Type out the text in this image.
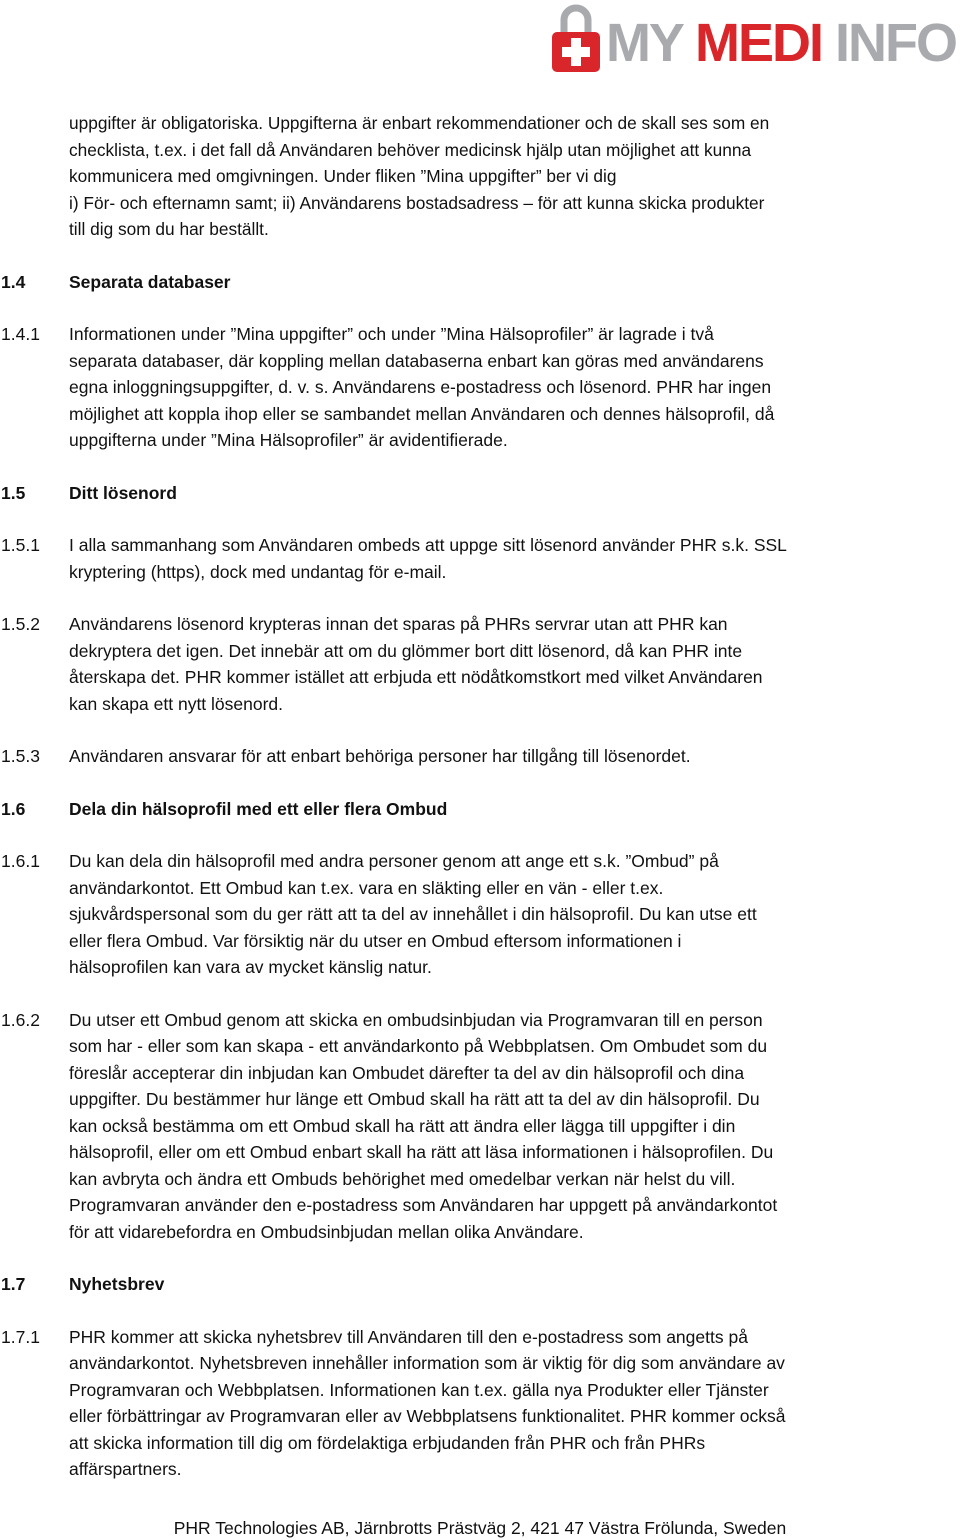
MY MEDI INFO
uppgifter är obligatoriska. Uppgifterna är enbart rekommendationer och de skall ses som en
checklista, t.ex. i det fall då Användaren behöver medicinsk hjälp utan möjlighet att kunna
kommunicera med omgivningen. Under fliken ”Mina uppgifter” ber vi dig
i) För- och efternamn samt; ii) Användarens bostadsadress – för att kunna skicka produkter
till dig som du har beställt.
1.4	Separata databaser
1.4.1	Informationen under ”Mina uppgifter” och under ”Mina Hälsoprofiler” är lagrade i två
separata databaser, där koppling mellan databaserna enbart kan göras med användarens
egna inloggningsuppgifter, d. v. s. Användarens e-postadress och lösenord. PHR har ingen
möjlighet att koppla ihop eller se sambandet mellan Användaren och dennes hälsoprofil, då
uppgifterna under ”Mina Hälsoprofiler” är avidentifierade.
1.5	Ditt lösenord
1.5.1	I alla sammanhang som Användaren ombeds att uppge sitt lösenord använder PHR s.k. SSL
kryptering (https), dock med undantag för e-mail.
1.5.2	Användarens lösenord krypteras innan det sparas på PHRs servrar utan att PHR kan
dekryptera det igen. Det innebär att om du glömmer bort ditt lösenord, då kan PHR inte
återskapa det. PHR kommer istället att erbjuda ett nödåtkomstkort med vilket Användaren
kan skapa ett nytt lösenord.
1.5.3	Användaren ansvarar för att enbart behöriga personer har tillgång till lösenordet.
1.6	Dela din hälsoprofil med ett eller flera Ombud
1.6.1	Du kan dela din hälsoprofil med andra personer genom att ange ett s.k. ”Ombud” på
användarkontot. Ett Ombud kan t.ex. vara en släkting eller en vän - eller t.ex.
sjukvårdspersonal som du ger rätt att ta del av innehållet i din hälsoprofil. Du kan utse ett
eller flera Ombud. Var försiktig när du utser en Ombud eftersom informationen i
hälsoprofilen kan vara av mycket känslig natur.
1.6.2	Du utser ett Ombud genom att skicka en ombudsinbjudan via Programvaran till en person
som har - eller som kan skapa - ett användarkonto på Webbplatsen. Om Ombudet som du
föreslår accepterar din inbjudan kan Ombudet därefter ta del av din hälsoprofil och dina
uppgifter. Du bestämmer hur länge ett Ombud skall ha rätt att ta del av din hälsoprofil. Du
kan också bestämma om ett Ombud skall ha rätt att ändra eller lägga till uppgifter i din
hälsoprofil, eller om ett Ombud enbart skall ha rätt att läsa informationen i hälsoprofilen. Du
kan avbryta och ändra ett Ombuds behörighet med omedelbar verkan när helst du vill.
Programvaran använder den e-postadress som Användaren har uppgett på användarkontot
för att vidarebefordra en Ombudsinbjudan mellan olika Användare.
1.7	Nyhetsbrev
1.7.1	PHR kommer att skicka nyhetsbrev till Användaren till den e-postadress som angetts på
användarkontot. Nyhetsbreven innehåller information som är viktig för dig som användare av
Programvaran och Webbplatsen. Informationen kan t.ex. gälla nya Produkter eller Tjänster
eller förbättringar av Programvaran eller av Webbplatsens funktionalitet. PHR kommer också
att skicka information till dig om fördelaktiga erbjudanden från PHR och från PHRs
affärspartners.
PHR Technologies AB, Järnbrotts Prästväg 2, 421 47 Västra Frölunda, Sweden
